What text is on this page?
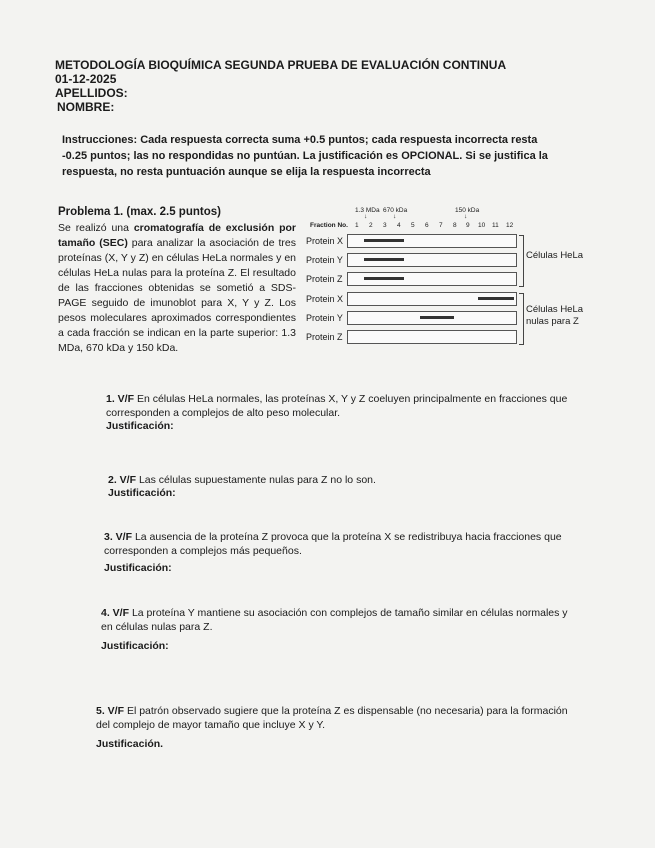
METODOLOGÍA BIOQUÍMICA SEGUNDA PRUEBA DE EVALUACIÓN CONTINUA
01-12-2025
APELLIDOS:
NOMBRE:
Instrucciones: Cada respuesta correcta suma +0.5 puntos; cada respuesta incorrecta resta -0.25 puntos; las no respondidas no puntúan. La justificación es OPCIONAL. Si se justifica la respuesta, no resta puntuación aunque se elija la respuesta incorrecta
Problema 1. (max. 2.5 puntos)
Se realizó una cromatografía de exclusión por tamaño (SEC) para analizar la asociación de tres proteínas (X, Y y Z) en células HeLa normales y en células HeLa nulas para la proteína Z. El resultado de las fracciones obtenidas se sometió a SDS-PAGE seguido de imunoblot para X, Y y Z. Los pesos moleculares aproximados correspondientes a cada fracción se indican en la parte superior: 1.3 MDa, 670 kDa y 150 kDa.
1.3 MDa 670 kDa	150 kDa
↓	↓	↓
Fraction No. 1 2 3 4 5 6 7 8 9 10 11 12
Protein X
Protein Y
Protein Z
Protein X
Protein Y
Protein Z
Células HeLa
Células HeLa nulas para Z
1. V/F En células HeLa normales, las proteínas X, Y y Z coeluyen principalmente en fracciones que corresponden a complejos de alto peso molecular.
Justificación:
2. V/F Las células supuestamente nulas para Z no lo son.
Justificación:
3. V/F La ausencia de la proteína Z provoca que la proteína X se redistribuya hacia fracciones que corresponden a complejos más pequeños.
Justificación:
4. V/F La proteína Y mantiene su asociación con complejos de tamaño similar en células normales y en células nulas para Z.
Justificación:
5. V/F El patrón observado sugiere que la proteína Z es dispensable (no necesaria) para la formación del complejo de mayor tamaño que incluye X y Y.
Justificación.
